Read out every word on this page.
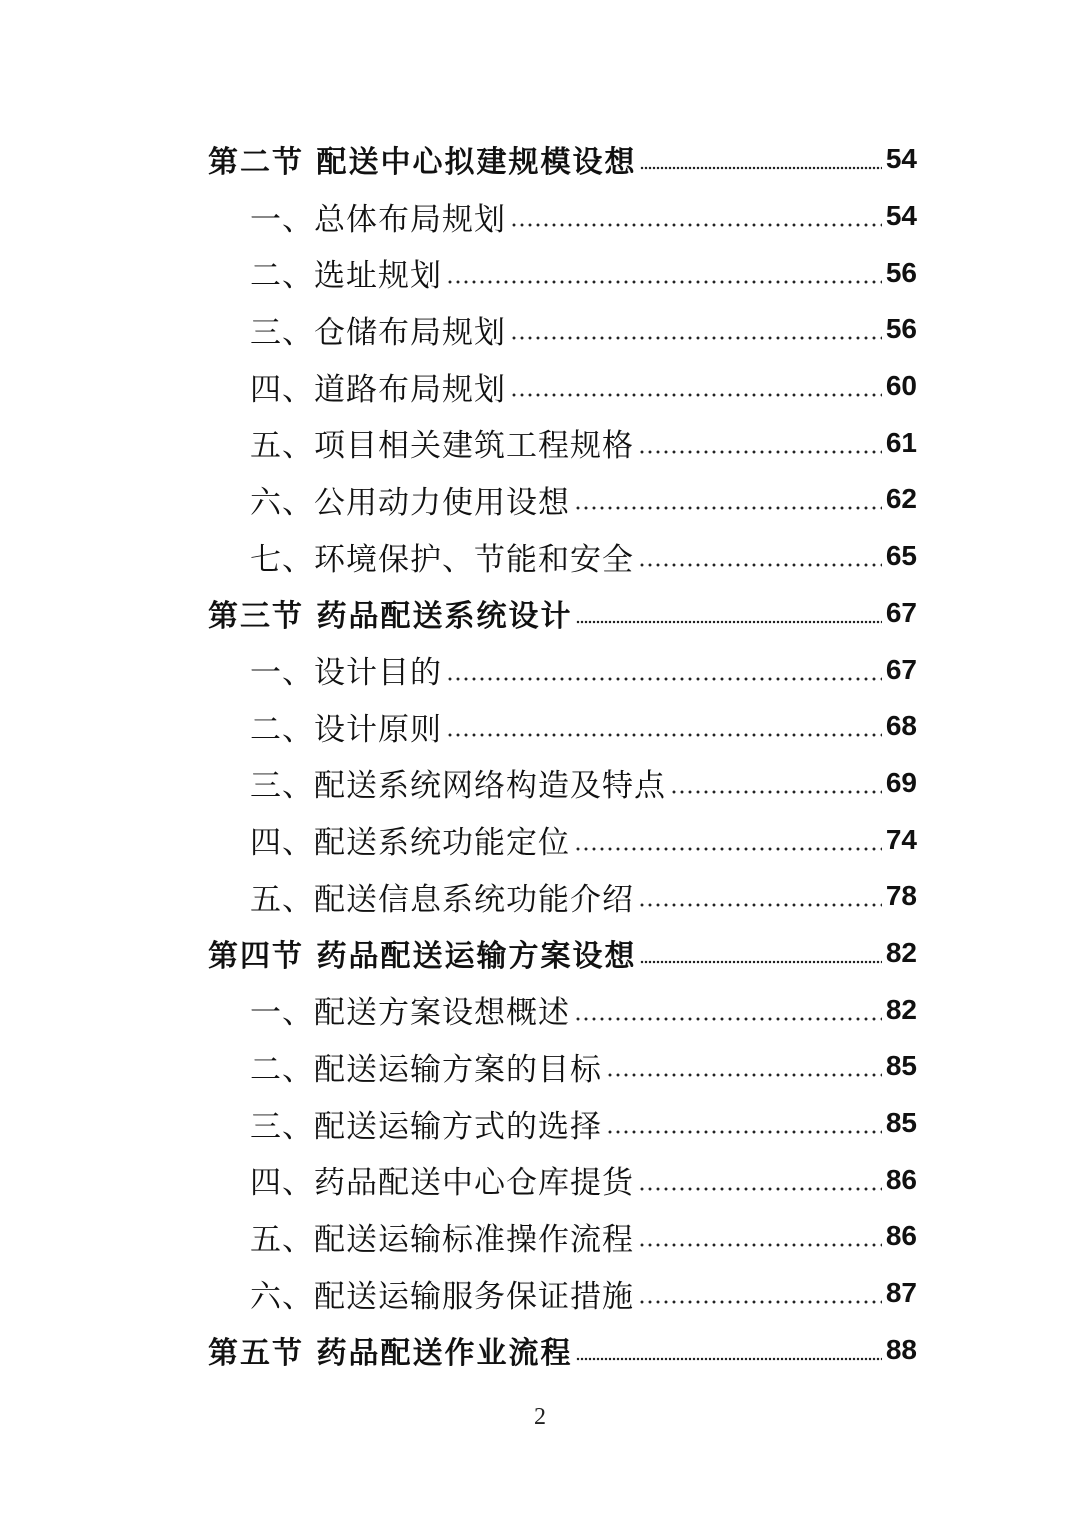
第二节 配送中心拟建规模设想	54
一、总体布局规划	54
二、选址规划	56
三、仓储布局规划	56
四、道路布局规划	60
五、项目相关建筑工程规格	61
六、公用动力使用设想	62
七、环境保护、节能和安全	65
第三节 药品配送系统设计	67
一、设计目的	67
二、设计原则	68
三、配送系统网络构造及特点	69
四、配送系统功能定位	74
五、配送信息系统功能介绍	78
第四节 药品配送运输方案设想	82
一、配送方案设想概述	82
二、配送运输方案的目标	85
三、配送运输方式的选择	85
四、药品配送中心仓库提货	86
五、配送运输标准操作流程	86
六、配送运输服务保证措施	87
第五节 药品配送作业流程	88
2
